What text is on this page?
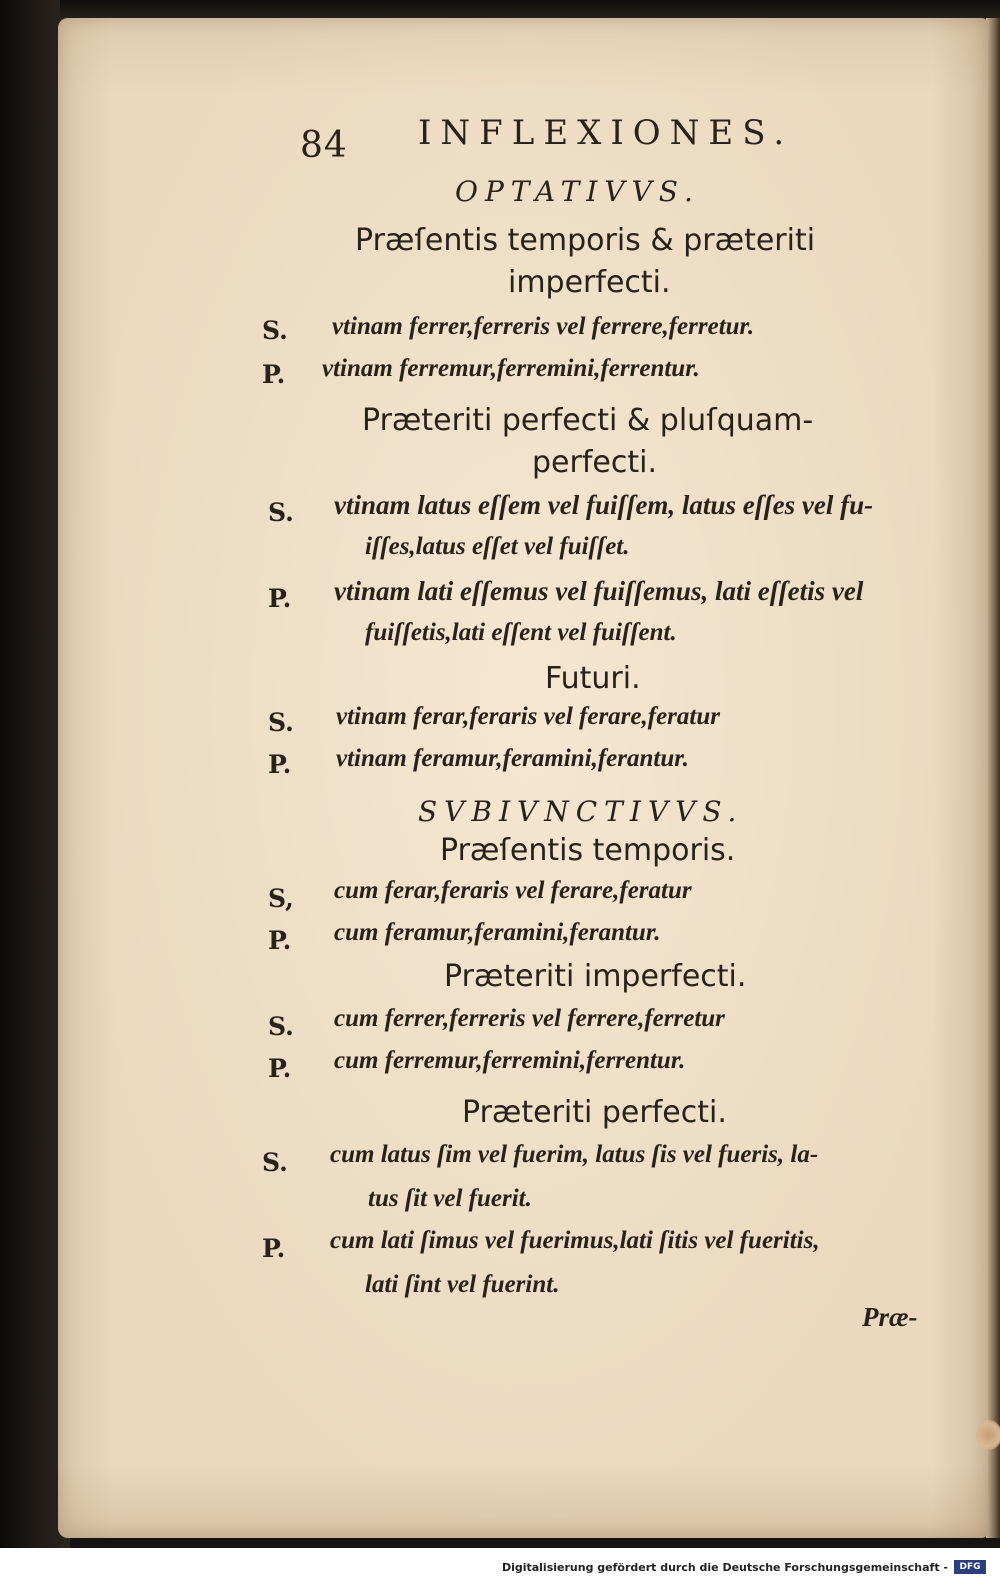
84 INFLEXIONES.
OPTATIVVS.
Præſentis temporis & præteriti
imperfecti.
S. vtinam ferrer,ferreris vel ferrere,ferretur.
P. vtinam ferremur,ferremini,ferrentur.
Præteriti perfecti & pluſquam-
perfecti.
S. vtinam latus eſſem vel fuiſſem, latus eſſes vel fu-
iſſes,latus eſſet vel fuiſſet.
P. vtinam lati eſſemus vel fuiſſemus, lati eſſetis vel
fuiſſetis,lati eſſent vel fuiſſent.
Futuri.
S. vtinam ferar,feraris vel ferare,feratur
P. vtinam feramur,feramini,ferantur.
SVBIVNCTIVVS.
Præſentis temporis.
S, cum ferar,feraris vel ferare,feratur
P. cum feramur,feramini,ferantur.
Præteriti imperfecti.
S. cum ferrer,ferreris vel ferrere,ferretur
P. cum ferremur,ferremini,ferrentur.
Præteriti perfecti.
S. cum latus ſim vel fuerim, latus ſis vel fueris, la-
tus ſit vel fuerit.
P. cum lati ſimus vel fuerimus,lati ſitis vel fueritis,
lati ſint vel fuerint.
Præ-
Digitalisierung gefördert durch die Deutsche Forschungsgemeinschaft -	DFG
